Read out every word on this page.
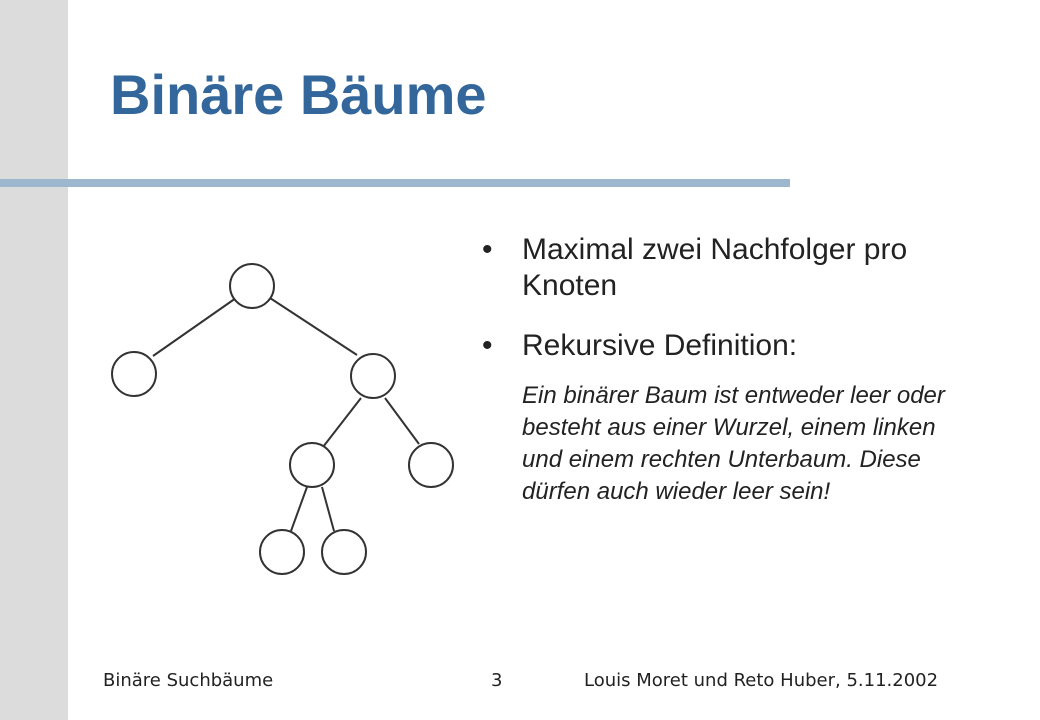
Binäre Bäume
• Maximal zwei Nachfolger pro Knoten
• Rekursive Definition:

Ein binärer Baum ist entweder leer oder besteht aus einer Wurzel, einem linken und einem rechten Unterbaum. Diese dürfen auch wieder leer sein!

Binäre Suchbäume	3	Louis Moret und Reto Huber, 5.11.2002
